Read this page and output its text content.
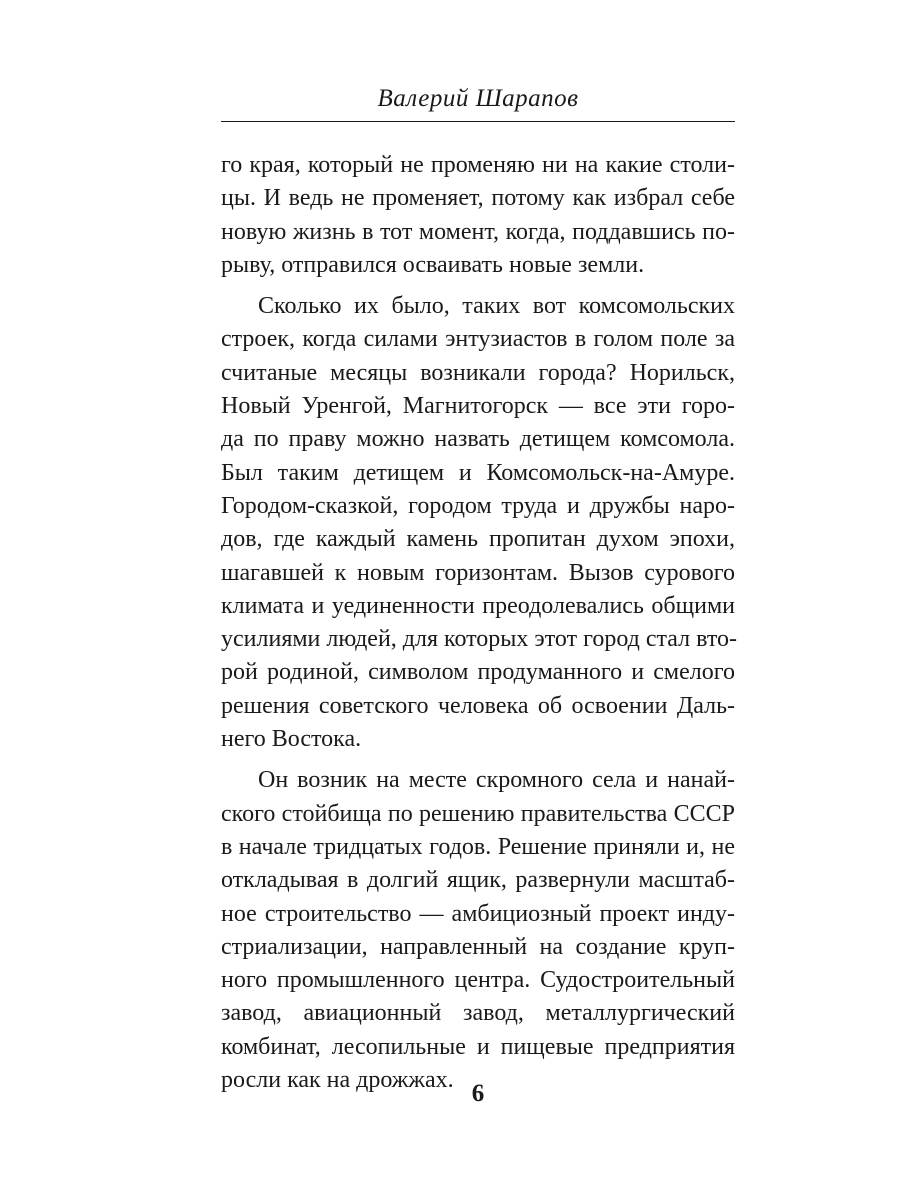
Валерий Шарапов

го края, который не променяю ни на какие столи-
цы. И ведь не променяет, потому как избрал себе
новую жизнь в тот момент, когда, поддавшись по-
рыву, отправился осваивать новые земли.

Сколько их было, таких вот комсомольских
строек, когда силами энтузиастов в голом поле за
считаные месяцы возникали города? Норильск,
Новый Уренгой, Магнитогорск — все эти горо-
да по праву можно назвать детищем комсомола.
Был таким детищем и Комсомольск-на-Амуре.
Городом-сказкой, городом труда и дружбы наро-
дов, где каждый камень пропитан духом эпохи,
шагавшей к новым горизонтам. Вызов сурового
климата и уединенности преодолевались общими
усилиями людей, для которых этот город стал вто-
рой родиной, символом продуманного и смелого
решения советского человека об освоении Даль-
него Востока.

Он возник на месте скромного села и нанай-
ского стойбища по решению правительства СССР
в начале тридцатых годов. Решение приняли и, не
откладывая в долгий ящик, развернули масштаб-
ное строительство — амбициозный проект инду-
стриализации, направленный на создание круп-
ного промышленного центра. Судостроительный
завод, авиационный завод, металлургический
комбинат, лесопильные и пищевые предприятия
росли как на дрожжах. 6
